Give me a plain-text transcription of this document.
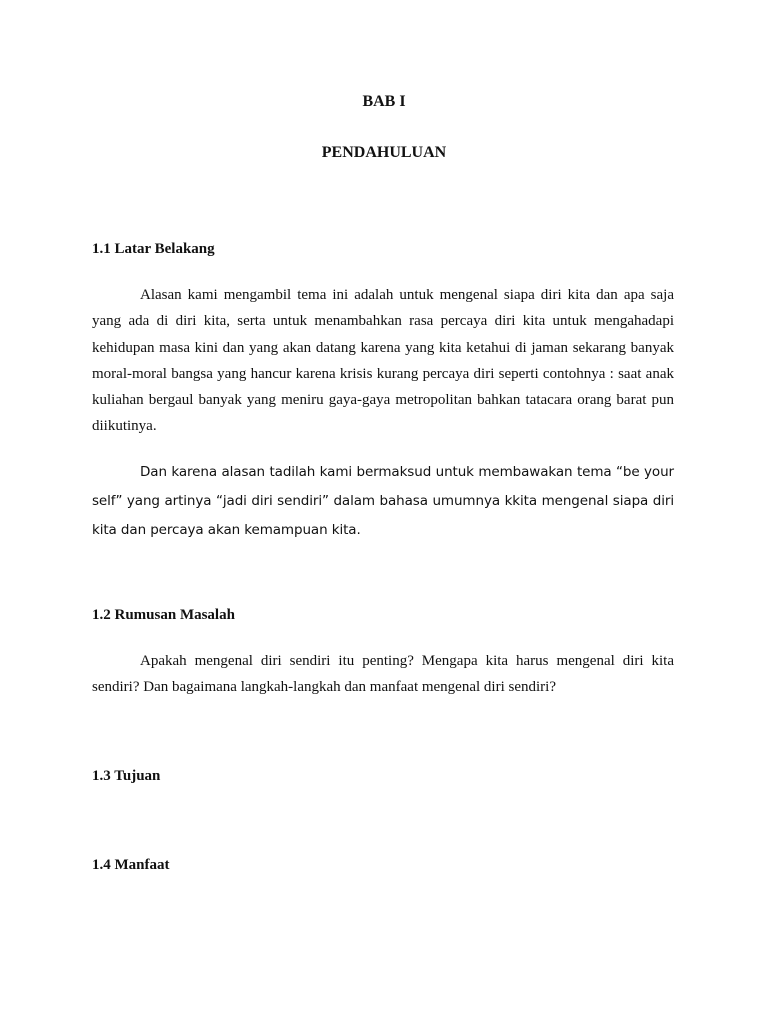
BAB I
PENDAHULUAN
1.1 Latar Belakang

Alasan kami mengambil tema ini adalah untuk mengenal siapa diri kita dan apa saja yang ada di diri kita, serta untuk menambahkan rasa percaya diri kita untuk mengahadapi kehidupan masa kini dan yang akan datang karena yang kita ketahui di jaman sekarang banyak moral-moral bangsa yang hancur karena krisis kurang percaya diri seperti contohnya : saat anak kuliahan bergaul banyak yang meniru gaya-gaya metropolitan bahkan tatacara orang barat pun diikutinya.

Dan karena alasan tadilah kami bermaksud untuk membawakan tema “be your self” yang artinya “jadi diri sendiri” dalam bahasa umumnya kkita mengenal siapa diri kita dan percaya akan kemampuan kita.

1.2 Rumusan Masalah

Apakah mengenal diri sendiri itu penting? Mengapa kita harus mengenal diri kita sendiri? Dan bagaimana langkah-langkah dan manfaat mengenal diri sendiri?

1.3 Tujuan
1.4 Manfaat
